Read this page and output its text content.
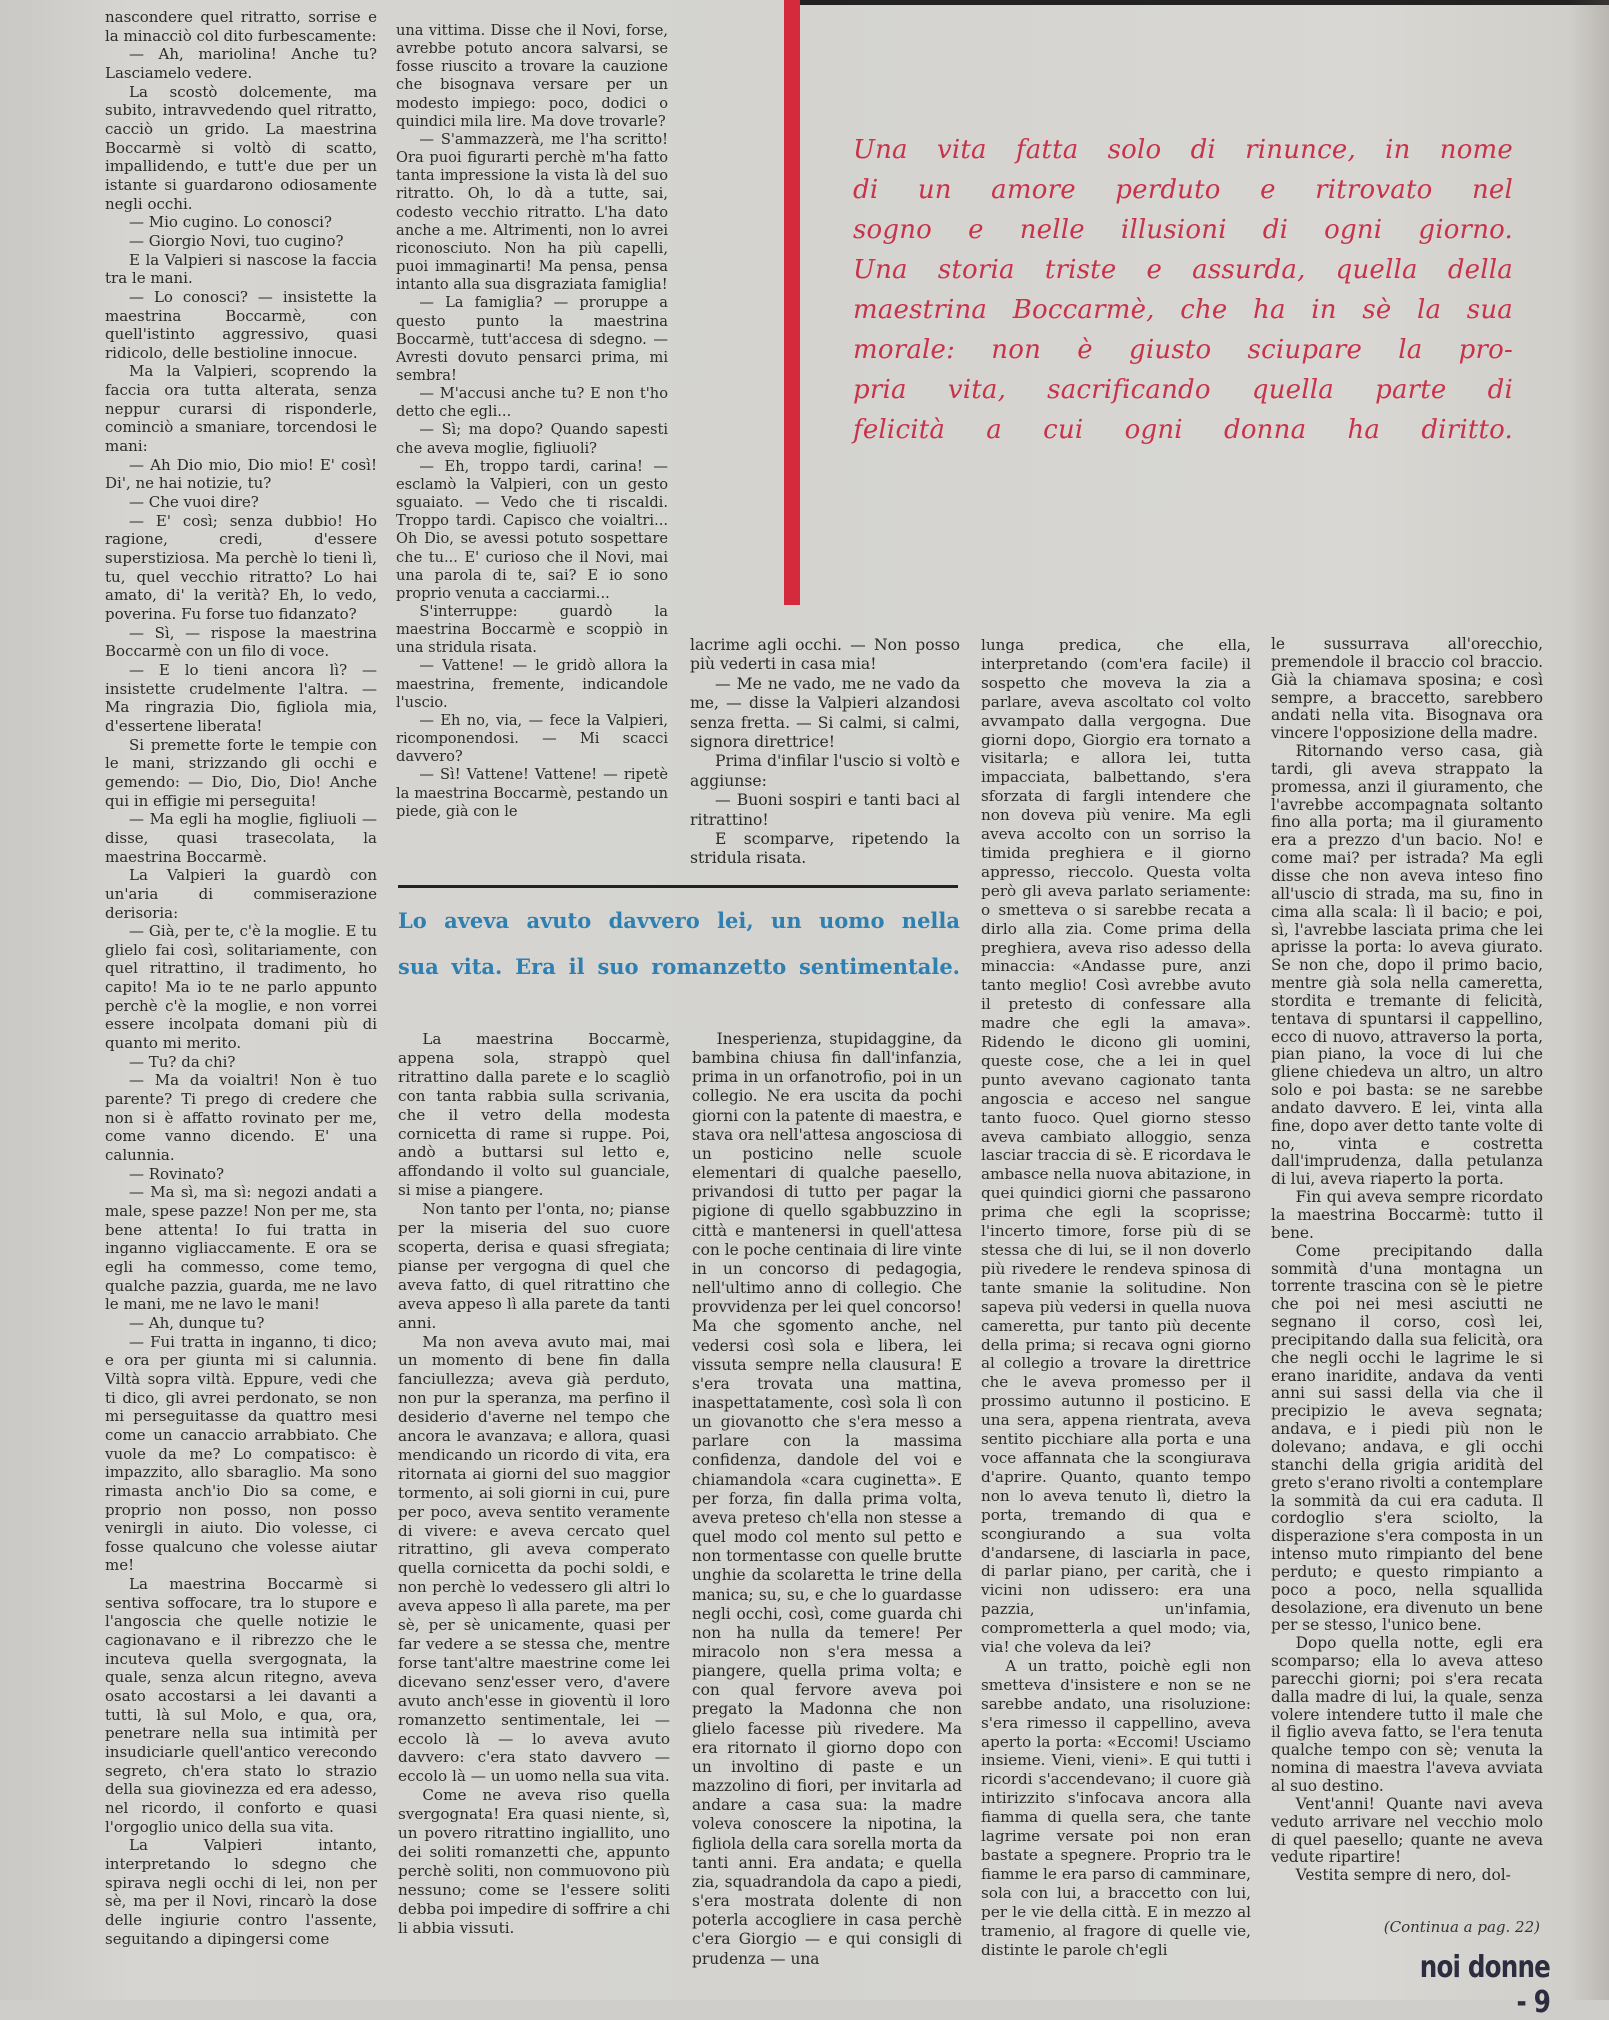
Una vita fatta solo di rinunce, in nome
di un amore perduto e ritrovato nel
sogno e nelle illusioni di ogni giorno.
Una storia triste e assurda, quella della
maestrina Boccarmè, che ha in sè la sua
morale: non è giusto sciupare la pro-
pria vita, sacrificando quella parte di
felicità a cui ogni donna ha diritto.

nascondere quel ritratto, sorrise e la minacciò col dito furbescamente:

— Ah, mariolina! Anche tu? Lasciamelo vedere.

La scostò dolcemente, ma subito, intravvedendo quel ritratto, cacciò un grido. La maestrina Boccarmè si voltò di scatto, impallidendo, e tutt'e due per un istante si guardarono odiosamente negli occhi.

— Mio cugino. Lo conosci?

— Giorgio Novi, tuo cugino?

E la Valpieri si nascose la faccia tra le mani.

— Lo conosci? — insistette la maestrina Boccarmè, con quell'istinto aggressivo, quasi ridicolo, delle bestioline innocue.

Ma la Valpieri, scoprendo la faccia ora tutta alterata, senza neppur curarsi di risponderle, cominciò a smaniare, torcendosi le mani:

— Ah Dio mio, Dio mio! E' così! Di', ne hai notizie, tu?

— Che vuoi dire?

— E' così; senza dubbio! Ho ragione, credi, d'essere superstiziosa. Ma perchè lo tieni lì, tu, quel vecchio ritratto? Lo hai amato, di' la verità? Eh, lo vedo, poverina. Fu forse tuo fidanzato?

— Sì, — rispose la maestrina Boccarmè con un filo di voce.

— E lo tieni ancora lì? — insistette crudelmente l'altra. — Ma ringrazia Dio, figliola mia, d'essertene liberata!

Si premette forte le tempie con le mani, strizzando gli occhi e gemendo: — Dio, Dio, Dio! Anche qui in effigie mi perseguita!

— Ma egli ha moglie, figliuoli — disse, quasi trasecolata, la maestrina Boccarmè.

La Valpieri la guardò con un'aria di commiserazione derisoria:

— Già, per te, c'è la moglie. E tu glielo fai così, solitariamente, con quel ritrattino, il tradimento, ho capito! Ma io te ne parlo appunto perchè c'è la moglie, e non vorrei essere incolpata domani più di quanto mi merito.

— Tu? da chi?

— Ma da voialtri! Non è tuo parente? Ti prego di credere che non si è affatto rovinato per me, come vanno dicendo. E' una calunnia.

— Rovinato?

— Ma sì, ma sì: negozi andati a male, spese pazze! Non per me, sta bene attenta! Io fui tratta in inganno vigliaccamente. E ora se egli ha commesso, come temo, qualche pazzia, guarda, me ne lavo le mani, me ne lavo le mani!

— Ah, dunque tu?

— Fui tratta in inganno, ti dico; e ora per giunta mi si calunnia. Viltà sopra viltà. Eppure, vedi che ti dico, gli avrei perdonato, se non mi perseguitasse da quattro mesi come un canaccio arrabbiato. Che vuole da me? Lo compatisco: è impazzito, allo sbaraglio. Ma sono rimasta anch'io Dio sa come, e proprio non posso, non posso venirgli in aiuto. Dio volesse, ci fosse qualcuno che volesse aiutar me!

La maestrina Boccarmè si sentiva soffocare, tra lo stupore e l'angoscia che quelle notizie le cagionavano e il ribrezzo che le incuteva quella svergognata, la quale, senza alcun ritegno, aveva osato accostarsi a lei davanti a tutti, là sul Molo, e qua, ora, penetrare nella sua intimità per insudiciarle quell'antico verecondo segreto, ch'era stato lo strazio della sua giovinezza ed era adesso, nel ricordo, il conforto e quasi l'orgoglio unico della sua vita.

La Valpieri intanto, interpretando lo sdegno che spirava negli occhi di lei, non per sè, ma per il Novi, rincarò la dose delle ingiurie contro l'assente, seguitando a dipingersi come

una vittima. Disse che il Novi, forse, avrebbe potuto ancora salvarsi, se fosse riuscito a trovare la cauzione che bisognava versare per un modesto impiego: poco, dodici o quindici mila lire. Ma dove trovarle?

— S'ammazzerà, me l'ha scritto! Ora puoi figurarti perchè m'ha fatto tanta impressione la vista là del suo ritratto. Oh, lo dà a tutte, sai, codesto vecchio ritratto. L'ha dato anche a me. Altrimenti, non lo avrei riconosciuto. Non ha più capelli, puoi immaginarti! Ma pensa, pensa intanto alla sua disgraziata famiglia!

— La famiglia? — proruppe a questo punto la maestrina Boccarmè, tutt'accesa di sdegno. — Avresti dovuto pensarci prima, mi sembra!

— M'accusi anche tu? E non t'ho detto che egli...

— Sì; ma dopo? Quando sapesti che aveva moglie, figliuoli?

— Eh, troppo tardi, carina! — esclamò la Valpieri, con un gesto sguaiato. — Vedo che ti riscaldi. Troppo tardi. Capisco che voialtri... Oh Dio, se avessi potuto sospettare che tu... E' curioso che il Novi, mai una parola di te, sai? E io sono proprio venuta a cacciarmi...

S'interruppe: guardò la maestrina Boccarmè e scoppiò in una stridula risata.

— Vattene! — le gridò allora la maestrina, fremente, indicandole l'uscio.

— Eh no, via, — fece la Valpieri, ricomponendosi. — Mi scacci davvero?

— Sì! Vattene! Vattene! — ripetè la maestrina Boccarmè, pestando un piede, già con le

lacrime agli occhi. — Non posso più vederti in casa mia!

— Me ne vado, me ne vado da me, — disse la Valpieri alzandosi senza fretta. — Si calmi, si calmi, signora direttrice!

Prima d'infilar l'uscio si voltò e aggiunse:

— Buoni sospiri e tanti baci al ritrattino!

E scomparve, ripetendo la stridula risata.

Lo aveva avuto davvero lei, un uomo nella
sua vita. Era il suo romanzetto sentimentale.

La maestrina Boccarmè, appena sola, strappò quel ritrattino dalla parete e lo scagliò con tanta rabbia sulla scrivania, che il vetro della modesta cornicetta di rame si ruppe. Poi, andò a buttarsi sul letto e, affondando il volto sul guanciale, si mise a piangere.

Non tanto per l'onta, no; pianse per la miseria del suo cuore scoperta, derisa e quasi sfregiata; pianse per vergogna di quel che aveva fatto, di quel ritrattino che aveva appeso lì alla parete da tanti anni.

Ma non aveva avuto mai, mai un momento di bene fin dalla fanciullezza; aveva già perduto, non pur la speranza, ma perfino il desiderio d'averne nel tempo che ancora le avanzava; e allora, quasi mendicando un ricordo di vita, era ritornata ai giorni del suo maggior tormento, ai soli giorni in cui, pure per poco, aveva sentito veramente di vivere: e aveva cercato quel ritrattino, gli aveva comperato quella cornicetta da pochi soldi, e non perchè lo vedessero gli altri lo aveva appeso lì alla parete, ma per sè, per sè unicamente, quasi per far vedere a se stessa che, mentre forse tant'altre maestrine come lei dicevano senz'esser vero, d'avere avuto anch'esse in gioventù il loro romanzetto sentimentale, lei — eccolo là — lo aveva avuto davvero: c'era stato davvero — eccolo là — un uomo nella sua vita.

Come ne aveva riso quella svergognata! Era quasi niente, sì, un povero ritrattino ingiallito, uno dei soliti romanzetti che, appunto perchè soliti, non commuovono più nessuno; come se l'essere soliti debba poi impedire di soffrire a chi li abbia vissuti.

Inesperienza, stupidaggine, da bambina chiusa fin dall'infanzia, prima in un orfanotrofio, poi in un collegio. Ne era uscita da pochi giorni con la patente di maestra, e stava ora nell'attesa angosciosa di un posticino nelle scuole elementari di qualche paesello, privandosi di tutto per pagar la pigione di quello sgabbuzzino in città e mantenersi in quell'attesa con le poche centinaia di lire vinte in un concorso di pedagogia, nell'ultimo anno di collegio. Che provvidenza per lei quel concorso! Ma che sgomento anche, nel vedersi così sola e libera, lei vissuta sempre nella clausura! E s'era trovata una mattina, inaspettatamente, così sola lì con un giovanotto che s'era messo a parlare con la massima confidenza, dandole del voi e chiamandola «cara cuginetta». E per forza, fin dalla prima volta, aveva preteso ch'ella non stesse a quel modo col mento sul petto e non tormentasse con quelle brutte unghie da scolaretta le trine della manica; su, su, e che lo guardasse negli occhi, così, come guarda chi non ha nulla da temere! Per miracolo non s'era messa a piangere, quella prima volta; e con qual fervore aveva poi pregato la Madonna che non glielo facesse più rivedere. Ma era ritornato il giorno dopo con un involtino di paste e un mazzolino di fiori, per invitarla ad andare a casa sua: la madre voleva conoscere la nipotina, la figliola della cara sorella morta da tanti anni. Era andata; e quella zia, squadrandola da capo a piedi, s'era mostrata dolente di non poterla accogliere in casa perchè c'era Giorgio — e qui consigli di prudenza — una

lunga predica, che ella, interpretando (com'era facile) il sospetto che moveva la zia a parlare, aveva ascoltato col volto avvampato dalla vergognа. Due giorni dopo, Giorgio era tornato a visitarla; e allora lei, tutta impacciata, balbettando, s'era sforzata di fargli intendere che non doveva più venire. Ma egli aveva accolto con un sorriso la timida preghiera e il giorno appresso, rieccolo. Questa volta però gli aveva parlato seriamente: o smetteva o si sarebbe recata a dirlo alla zia. Come prima della preghiera, aveva riso adesso della minaccia: «Andasse pure, anzi tanto meglio! Così avrebbe avuto il pretesto di confessare alla madre che egli la amava». Ridendo le dicono gli uomini, queste cose, che a lei in quel punto avevano cagionato tanta angoscia e acceso nel sangue tanto fuoco. Quel giorno stesso aveva cambiato alloggio, senza lasciar traccia di sè. E ricordava le ambasce nella nuova abitazione, in quei quindici giorni che passarono prima che egli la scoprisse; l'incerto timore, forse più di se stessa che di lui, se il non doverlo più rivedere le rendeva spinosa di tante smanie la solitudine. Non sapeva più vedersi in quella nuova cameretta, pur tanto più decente della prima; si recava ogni giorno al collegio a trovare la direttrice che le aveva promesso per il prossimo autunno il posticino. E una sera, appena rientrata, aveva sentito picchiare alla porta e una voce affannata che la scongiurava d'aprire. Quanto, quanto tempo non lo aveva tenuto lì, dietro la porta, tremando di qua e scongiurando a sua volta d'andarsene, di lasciarla in pace, di parlar piano, per carità, che i vicini non udissero: era una pazzia, un'infamia, comprometterla a quel modo; via, via! che voleva da lei?

A un tratto, poichè egli non smetteva d'insistere e non se ne sarebbe andato, una risoluzione: s'era rimesso il cappellino, aveva aperto la porta: «Eccomi! Usciamo insieme. Vieni, vieni». E qui tutti i ricordi s'accendevano; il cuore già intirizzito s'infocava ancora alla fiamma di quella sera, che tante lagrime versate poi non eran bastate a spegnere. Proprio tra le fiamme le era parso di camminare, sola con lui, a braccetto con lui, per le vie della città. E in mezzo al tramenio, al fragore di quelle vie, distinte le parole ch'egli

le sussurrava all'orecchio, premendole il braccio col braccio. Già la chiamava sposina; e così sempre, a braccetto, sarebbero andati nella vita. Bisognava ora vincere l'opposizione della madre.

Ritornando verso casa, già tardi, gli aveva strappato la promessa, anzi il giuramento, che l'avrebbe accompagnata soltanto fino alla porta; ma il giuramento era a prezzo d'un bacio. No! e come mai? per istrada? Ma egli disse che non aveva inteso fino all'uscio di strada, ma su, fino in cima alla scala: lì il bacio; e poi, sì, l'avrebbe lasciata prima che lei aprisse la porta: lo aveva giurato. Se non che, dopo il primo bacio, mentre già sola nella cameretta, stordita e tremante di felicità, tentava di spuntarsi il cappellino, ecco di nuovo, attraverso la porta, pian piano, la voce di lui che gliene chiedeva un altro, un altro solo e poi basta: se ne sarebbe andato davvero. E lei, vinta alla fine, dopo aver detto tante volte di no, vinta e costretta dall'imprudenza, dalla petulanza di lui, aveva riaperto la porta.

Fin qui aveva sempre ricordato la maestrina Boccarmè: tutto il bene.

Come precipitando dalla sommità d'una montagna un torrente trascina con sè le pietre che poi nei mesi asciutti ne segnano il corso, così lei, precipitando dalla sua felicità, ora che negli occhi le lagrime le si erano inaridite, andava da venti anni sui sassi della via che il precipizio le aveva segnata; andava, e i piedi più non le dolevano; andava, e gli occhi stanchi della grigia aridità del greto s'erano rivolti a contemplare la sommità da cui era caduta. Il cordoglio s'era sciolto, la disperazione s'era composta in un intenso muto rimpianto del bene perduto; e questo rimpianto a poco a poco, nella squallida desolazione, era divenuto un bene per se stesso, l'unico bene.

Dopo quella notte, egli era scomparso; ella lo aveva atteso parecchi giorni; poi s'era recata dalla madre di lui, la quale, senza volere intendere tutto il male che il figlio aveva fatto, se l'era tenuta qualche tempo con sè; venuta la nomina di maestra l'aveva avviata al suo destino.

Vent'anni! Quante navi aveva veduto arrivare nel vecchio molo di quel paesello; quante ne aveva vedute ripartire!

Vestita sempre di nero, dol-

(Continua a pag. 22)
noi donne - 9
